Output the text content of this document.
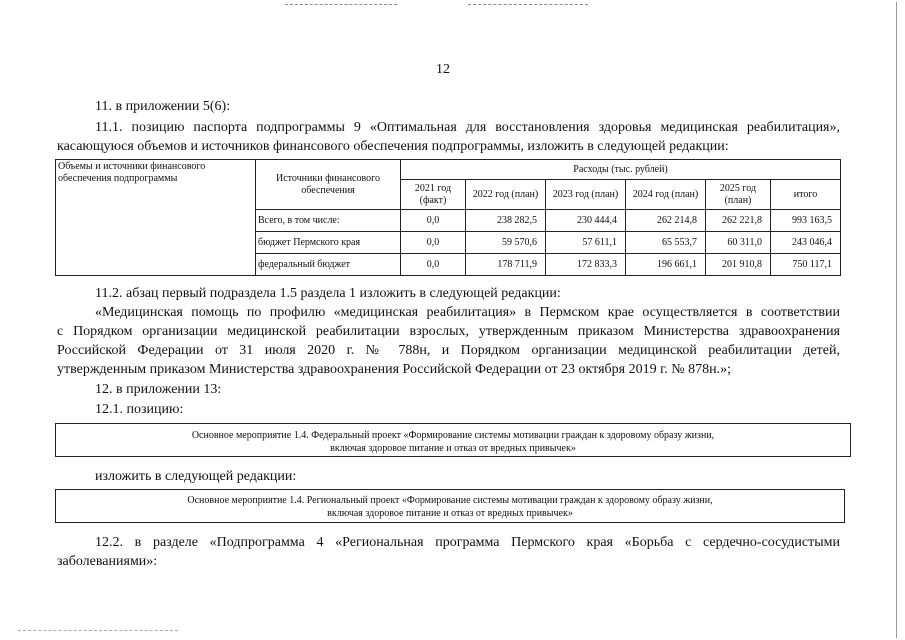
12
11. в приложении 5(6):
11.1. позицию паспорта подпрограммы 9 «Оптимальная для восстановления здоровья медицинская реабилитация»,
касающуюся объемов и источников финансового обеспечения подпрограммы, изложить в следующей редакции:
Объемы и источники финансового обеспечения подпрограммы	Источники финансового обеспечения	Расходы (тыс. рублей)					
		2021 год (факт)	2022 год (план)	2023 год (план)	2024 год (план)	2025 год (план)	итого
	Всего, в том числе:	0,0	238 282,5	230 444,4	262 214,8	262 221,8	993 163,5
	бюджет Пермского края	0,0	59 570,6	57 611,1	65 553,7	60 311,0	243 046,4
	федеральный бюджет	0,0	178 711,9	172 833,3	196 661,1	201 910,8	750 117,1
11.2. абзац первый подраздела 1.5 раздела 1 изложить в следующей редакции:
«Медицинская помощь по профилю «медицинская реабилитация» в Пермском крае осуществляется в соответствии
с Порядком организации медицинской реабилитации взрослых, утвержденным приказом Министерства здравоохранения
Российской Федерации от 31 июля 2020 г. № 788н, и Порядком организации медицинской реабилитации детей,
утвержденным приказом Министерства здравоохранения Российской Федерации от 23 октября 2019 г. № 878н.»;
12. в приложении 13:
12.1. позицию:
Основное мероприятие 1.4. Федеральный проект «Формирование системы мотивации граждан к здоровому образу жизни,
включая здоровое питание и отказ от вредных привычек»
изложить в следующей редакции:
Основное мероприятие 1.4. Региональный проект «Формирование системы мотивации граждан к здоровому образу жизни,
включая здоровое питание и отказ от вредных привычек»
12.2. в разделе «Подпрограмма 4 «Региональная программа Пермского края «Борьба с сердечно-сосудистыми
заболеваниями»:
